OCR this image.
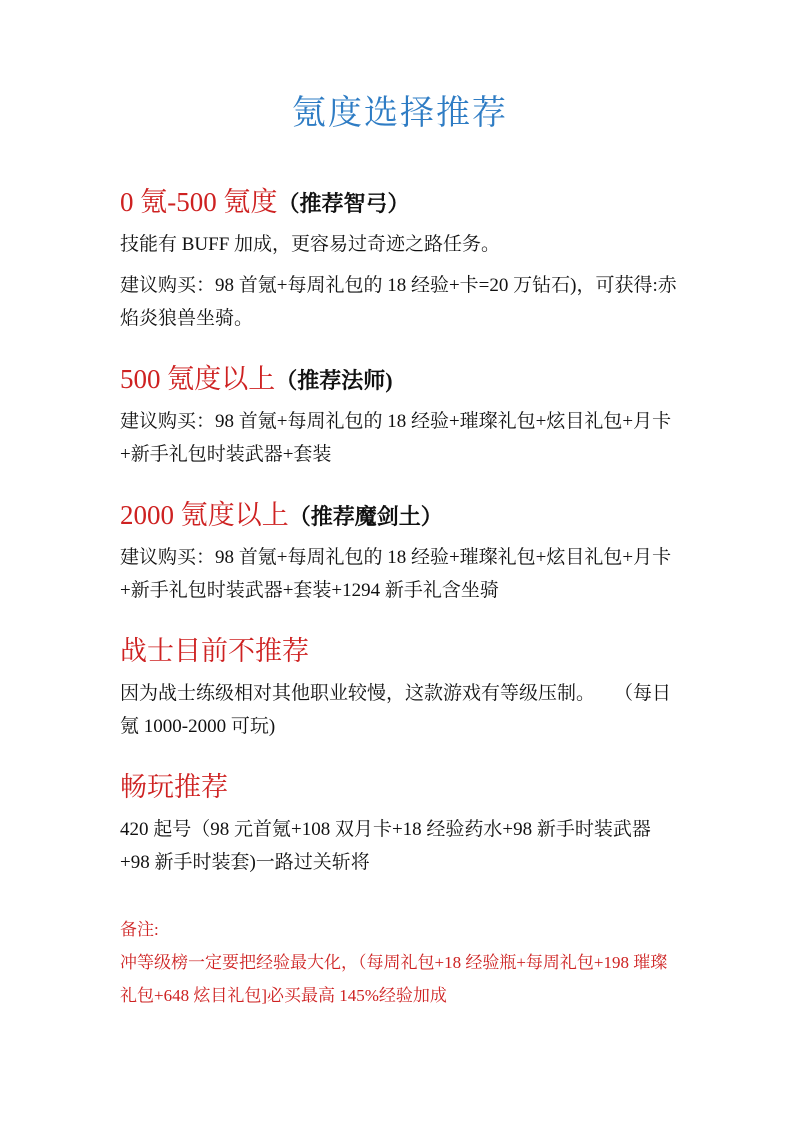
氪度选择推荐
0 氪-500 氪度（推荐智弓）

技能有 BUFF 加成，更容易过奇迹之路任务。

建议购买：98 首氪+每周礼包的 18 经验+卡=20 万钻石)，可获得:赤焰炎狼兽坐骑。

500 氪度以上（推荐法师)

建议购买：98 首氪+每周礼包的 18 经验+璀璨礼包+炫目礼包+月卡+新手礼包时装武器+套装

2000 氪度以上（推荐魔剑土）

建议购买：98 首氪+每周礼包的 18 经验+璀璨礼包+炫目礼包+月卡+新手礼包时装武器+套装+1294 新手礼含坐骑

战士目前不推荐

因为战士练级相对其他职业较慢，这款游戏有等级压制。    （每日氪 1000-2000 可玩)

畅玩推荐

420 起号（98 元首氪+108 双月卡+18 经验药水+98 新手时装武器+98 新手时装套)一路过关斩将

备注:

冲等级榜一定要把经验最大化，（每周礼包+18 经验瓶+每周礼包+198 璀璨礼包+648 炫目礼包]必买最高 145%经验加成
